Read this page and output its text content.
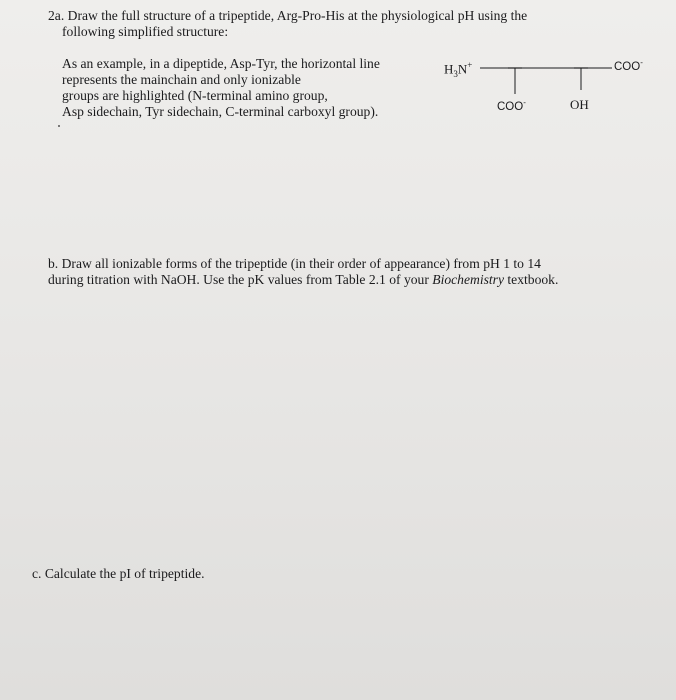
2a. Draw the full structure of a tripeptide, Arg-Pro-His at the physiological pH using the
following simplified structure:
As an example, in a dipeptide, Asp-Tyr, the horizontal line
represents the mainchain and only ionizable
groups are highlighted (N-terminal amino group,
Asp sidechain, Tyr sidechain, C-terminal carboxyl group).
$H_3N^+$	COO-
COO-	OH
b. Draw all ionizable forms of the tripeptide (in their order of appearance) from pH 1 to 14
during titration with NaOH. Use the pK values from Table 2.1 of your Biochemistry textbook.
c. Calculate the pI of tripeptide.
